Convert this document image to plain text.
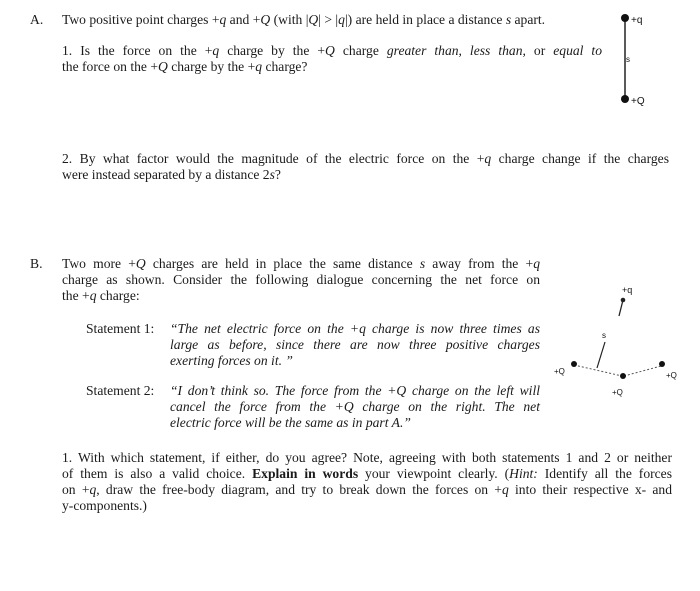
A. Two positive point charges +q and +Q (with |Q| > |q|) are held in place a distance s apart.
1. Is the force on the +q charge by the +Q charge greater than, less than, or equal to
the force on the +Q charge by the +q charge?
2. By what factor would the magnitude of the electric force on the +q charge change if the charges
were instead separated by a distance 2s?
+q
s
+Q
B. Two more +Q charges are held in place the same distance s away from the +q
charge as shown. Consider the following dialogue concerning the net force on
the +q charge:
Statement 1: “The net electric force on the +q charge is now three times as
large as before, since there are now three positive charges
exerting forces on it. ”
Statement 2: “I don’t think so. The force from the +Q charge on the left will
cancel the force from the +Q charge on the right. The net
electric force will be the same as in part A.”
1. With which statement, if either, do you agree? Note, agreeing with both statements 1 and 2 or neither
of them is also a valid choice. Explain in words your viewpoint clearly. (Hint: Identify all the forces
on +q, draw the free-body diagram, and try to break down the forces on +q into their respective x- and
y-components.)
+q
s
+Q
+Q
+Q
